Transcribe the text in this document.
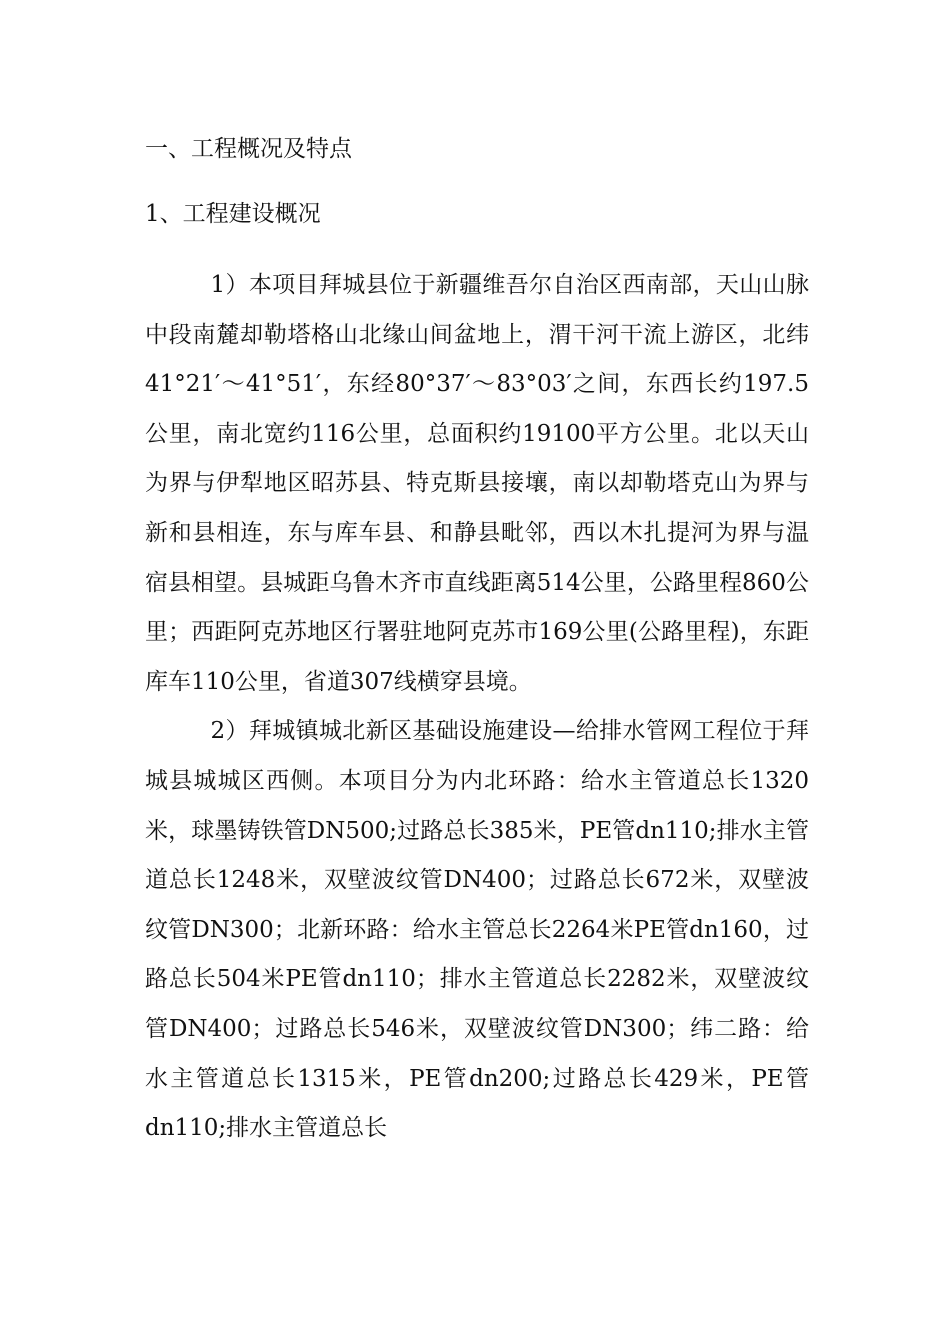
一、工程概况及特点

1、工程建设概况

1）本项目拜城县位于新疆维吾尔自治区西南部，天山山脉中段南麓却勒塔格山北缘山间盆地上，渭干河干流上游区，北纬41°21′～41°51′，东经80°37′～83°03′之间，东西长约197.5公里，南北宽约116公里，总面积约19100平方公里。北以天山为界与伊犁地区昭苏县、特克斯县接壤，南以却勒塔克山为界与新和县相连，东与库车县、和静县毗邻，西以木扎提河为界与温宿县相望。县城距乌鲁木齐市直线距离514公里，公路里程860公里；西距阿克苏地区行署驻地阿克苏市169公里(公路里程)，东距库车110公里，省道307线横穿县境。

2）拜城镇城北新区基础设施建设—给排水管网工程位于拜城县城城区西侧。本项目分为内北环路：给水主管道总长1320米，球墨铸铁管DN500;过路总长385米，PE管dn110;排水主管道总长1248米，双壁波纹管DN400；过路总长672米，双壁波纹管DN300；北新环路：给水主管总长2264米PE管dn160，过路总长504米PE管dn110；排水主管道总长2282米，双壁波纹管DN400；过路总长546米，双壁波纹管DN300；纬二路：给水主管道总长1315米，PE管dn200;过路总长429米，PE管dn110;排水主管道总长
